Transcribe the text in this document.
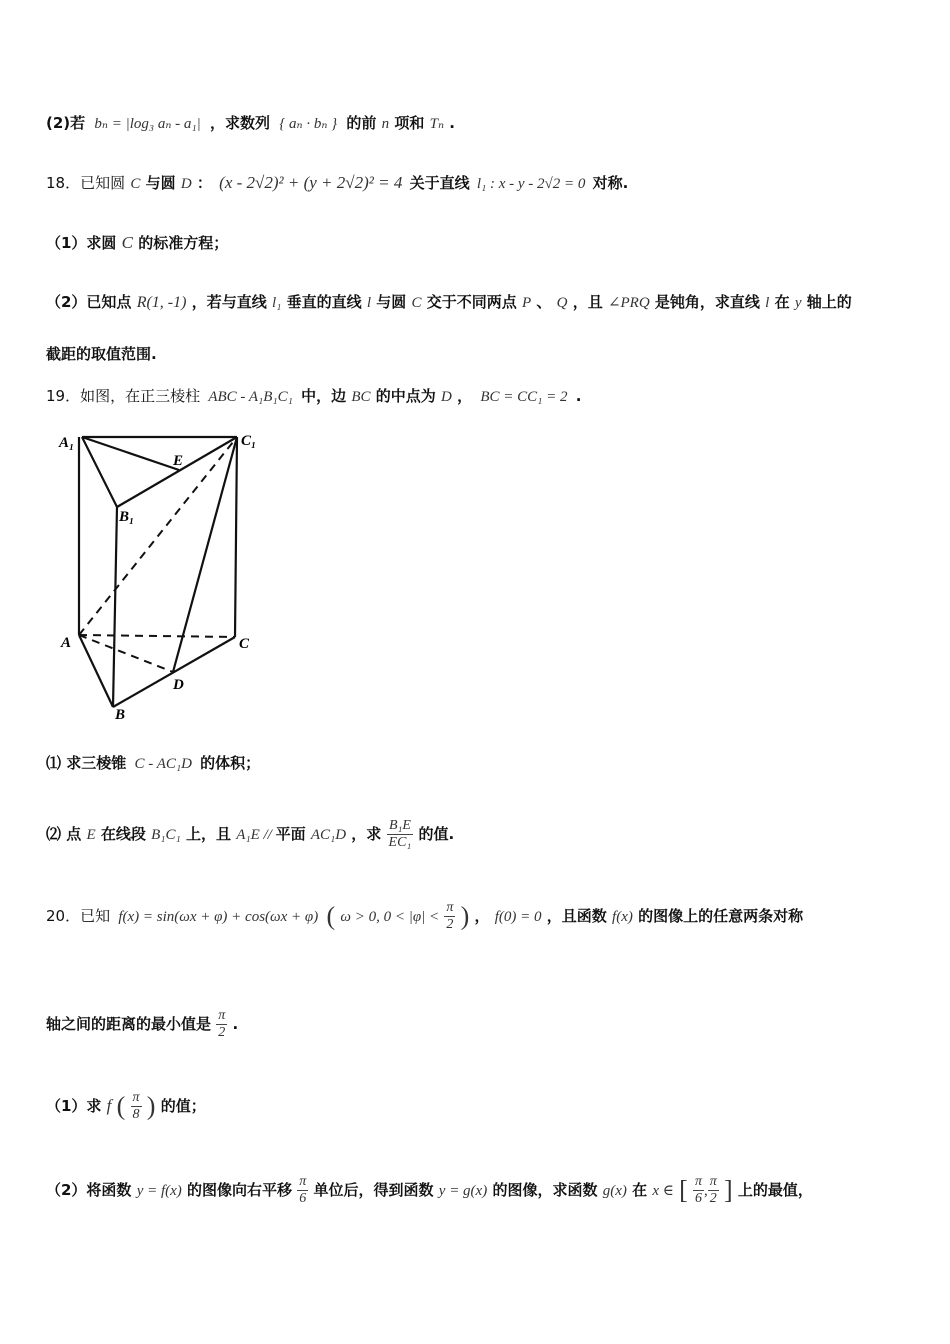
(2)若 bₙ = |log₃ aₙ - a₁| ，求数列 { aₙ · bₙ } 的前 n 项和 Tₙ .
18．已知圆 C 与圆 D ： (x - 2√2)² + (y + 2√2)² = 4 关于直线 l₁ : x - y - 2√2 = 0 对称.
（1）求圆 C 的标准方程；
（2）已知点 R(1, -1) ，若与直线 l₁ 垂直的直线 l 与圆 C 交于不同两点 P 、 Q ，且 ∠PRQ 是钝角，求直线 l 在 y 轴上的
截距的取值范围.
19．如图，在正三棱柱 ABC - A₁B₁C₁ 中，边 BC 的中点为 D ， BC = CC₁ = 2 .
A₁	C₁
E
B₁
A	C
D
B
⑴ 求三棱锥 C - AC₁D 的体积；
⑵ 点 E 在线段 B₁C₁ 上，且 A₁E // 平面 AC₁D ，求 $\frac{\text{B₁E}}{\text{EC₁}}$ 的值.
20．已知 f(x) = sin(ωx + φ) + cos(ωx + φ) ( ω > 0, $0 < |\varphi| < \frac{\pi}{2}$ ) ， f(0) = 0 ，且函数 f(x) 的图像上的任意两条对称
轴之间的距离的最小值是 $\frac{\pi}{2}$ .
（1）求 f ( $\frac{\pi}{8}$ ) 的值；
（2）将函数 y = f(x) 的图像向右平移 $\frac{\pi}{6}$ 单位后，得到函数 y = g(x) 的图像，求函数 g(x) 在 x ∈ [ $\frac{\pi}{6}$ , $\frac{\pi}{2}$ ] 上的最值，
